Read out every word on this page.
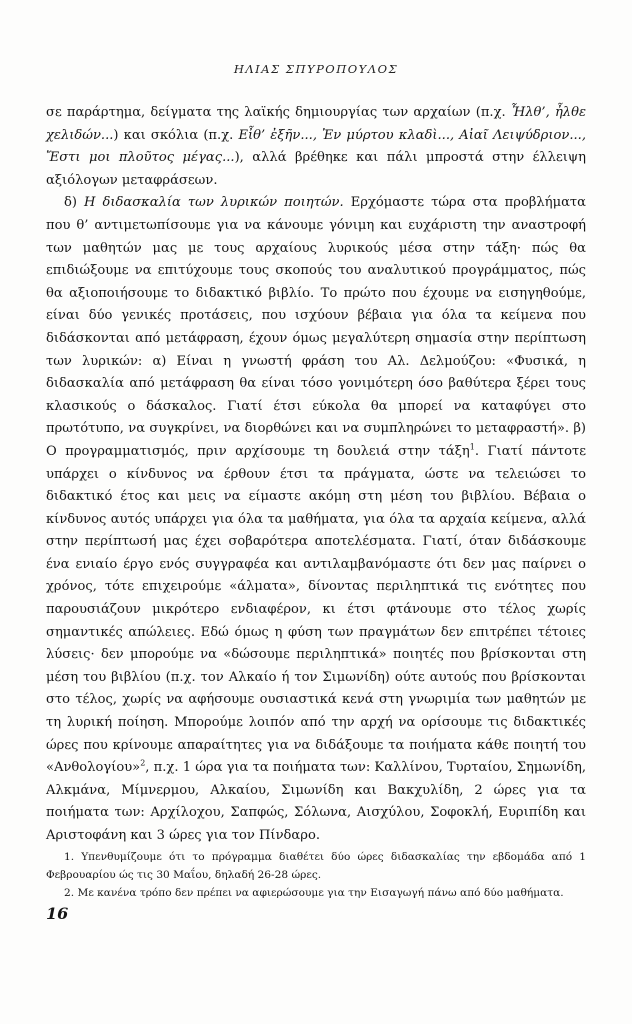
ΗΛΙΑΣ ΣΠΥΡΟΠΟΥΛΟΣ

σε παράρτημα, δείγματα της λαϊκής δημιουργίας των αρχαίων (π.χ. Ἦλθ’, ἦλθε χελιδών...) και σκόλια (π.χ. Εἶθ’ ἐξῆν..., Ἐν μύρτου κλαδὶ..., Αἰαῖ Λειψύδριον..., Ἔστι μοι πλοῦτος μέγας...), αλλά βρέθηκε και πάλι μπροστά στην έλλειψη αξιόλογων μεταφράσεων.

δ) Η διδασκαλία των λυρικών ποιητών. Ερχόμαστε τώρα στα προβλήματα που θ’ αντιμετωπίσουμε για να κάνουμε γόνιμη και ευχάριστη την αναστροφή των μαθητών μας με τους αρχαίους λυρικούς μέσα στην τάξη· πώς θα επιδιώξουμε να επιτύχουμε τους σκοπούς του αναλυτικού προγράμματος, πώς θα αξιοποιήσουμε το διδακτικό βιβλίο. Το πρώτο που έχουμε να εισηγηθούμε, είναι δύο γενικές προτάσεις, που ισχύουν βέβαια για όλα τα κείμενα που διδάσκονται από μετάφραση, έχουν όμως μεγαλύτερη σημασία στην περίπτωση των λυρικών: α) Είναι η γνωστή φράση του Αλ. Δελμούζου: «Φυσικά, η διδασκαλία από μετάφραση θα είναι τόσο γονιμότερη όσο βαθύτερα ξέρει τους κλασικούς ο δάσκαλος. Γιατί έτσι εύκολα θα μπορεί να καταφύγει στο πρωτότυπο, να συγκρίνει, να διορθώνει και να συμπληρώνει το μεταφραστή». β) Ο προγραμματισμός, πριν αρχίσουμε τη δουλειά στην τάξη$^1$. Γιατί πάντοτε υπάρχει ο κίνδυνος να έρθουν έτσι τα πράγματα, ώστε να τελειώσει το διδακτικό έτος και μεις να είμαστε ακόμη στη μέση του βιβλίου. Βέβαια ο κίνδυνος αυτός υπάρχει για όλα τα μαθήματα, για όλα τα αρχαία κείμενα, αλλά στην περίπτωσή μας έχει σοβαρότερα αποτελέσματα. Γιατί, όταν διδάσκουμε ένα ενιαίο έργο ενός συγγραφέα και αντιλαμβανόμαστε ότι δεν μας παίρνει ο χρόνος, τότε επιχειρούμε «άλματα», δίνοντας περιληπτικά τις ενότητες που παρουσιάζουν μικρότερο ενδιαφέρον, κι έτσι φτάνουμε στο τέλος χωρίς σημαντικές απώλειες. Εδώ όμως η φύση των πραγμάτων δεν επιτρέπει τέτοιες λύσεις· δεν μπορούμε να «δώσουμε περιληπτικά» ποιητές που βρίσκονται στη μέση του βιβλίου (π.χ. τον Αλκαίο ή τον Σιμωνίδη) ούτε αυτούς που βρίσκονται στο τέλος, χωρίς να αφήσουμε ουσιαστικά κενά στη γνωριμία των μαθητών με τη λυρική ποίηση. Μπορούμε λοιπόν από την αρχή να ορίσουμε τις διδακτικές ώρες που κρίνουμε απαραίτητες για να διδάξουμε τα ποιήματα κάθε ποιητή του «Ανθολογίου»$^2$, π.χ. 1 ώρα για τα ποιήματα των: Καλλίνου, Τυρταίου, Σημωνίδη, Αλκμάνα, Μίμνερμου, Αλκαίου, Σιμωνίδη και Βακχυλίδη, 2 ώρες για τα ποιήματα των: Αρχίλοχου, Σαπφώς, Σόλωνα, Αισχύλου, Σοφοκλή, Ευριπίδη και Αριστοφάνη και 3 ώρες για τον Πίνδαρο.

1. Υπενθυμίζουμε ότι το πρόγραμμα διαθέτει δύο ώρες διδασκαλίας την εβδομάδα από 1 Φεβρουαρίου ώς τις 30 Μαΐου, δηλαδή 26-28 ώρες.

2. Με κανένα τρόπο δεν πρέπει να αφιερώσουμε για την Εισαγωγή πάνω από δύο μαθήματα.

16
